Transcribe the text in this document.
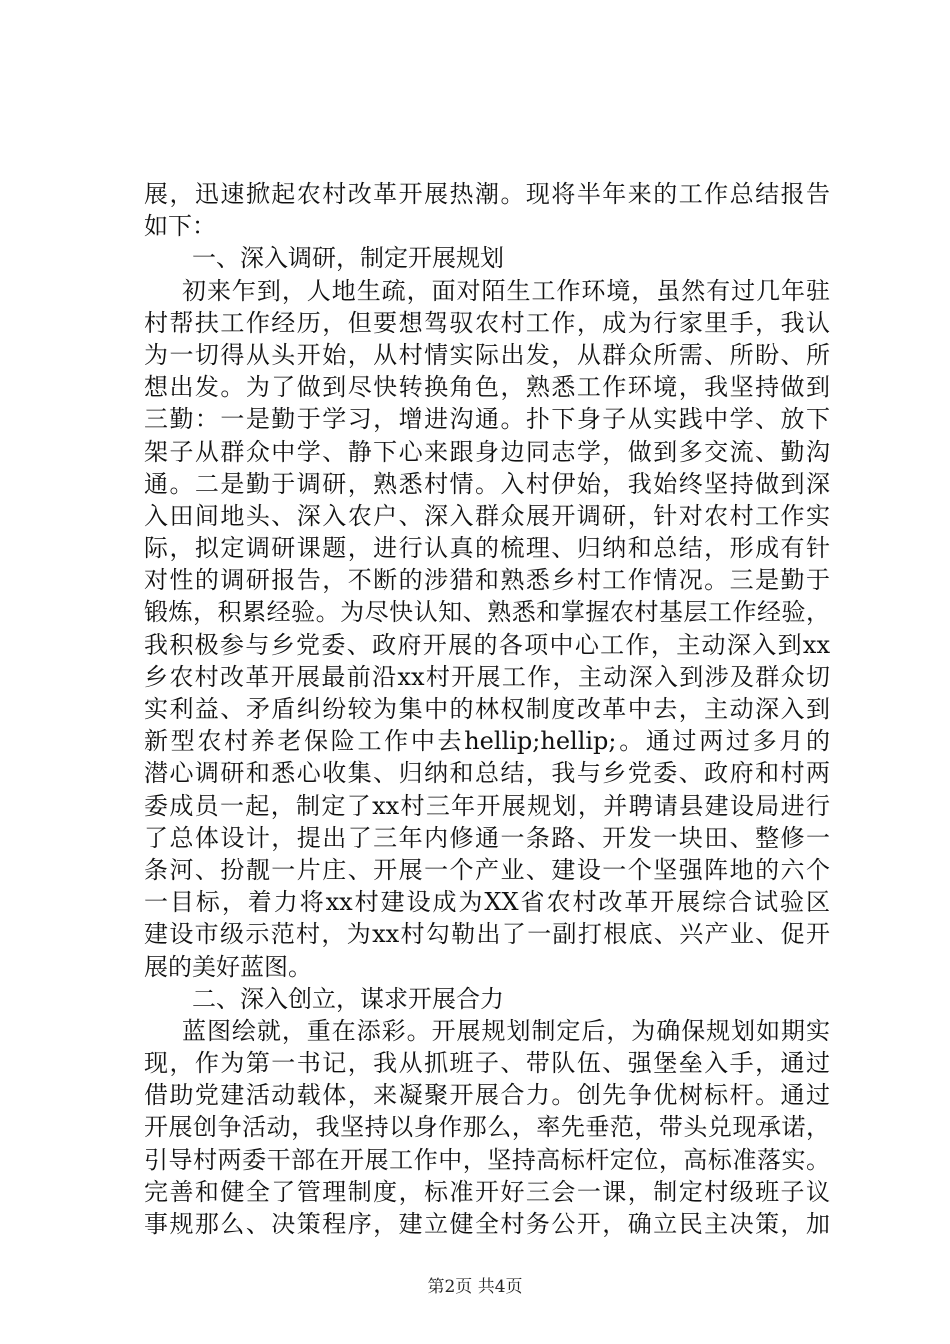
展，迅速掀起农村改革开展热潮。现将半年来的工作总结报告
如下：
一、深入调研，制定开展规划
初来乍到，人地生疏，面对陌生工作环境，虽然有过几年驻
村帮扶工作经历，但要想驾驭农村工作，成为行家里手，我认
为一切得从头开始，从村情实际出发，从群众所需、所盼、所
想出发。为了做到尽快转换角色，熟悉工作环境，我坚持做到
三勤：一是勤于学习，增进沟通。扑下身子从实践中学、放下
架子从群众中学、静下心来跟身边同志学，做到多交流、勤沟
通。二是勤于调研，熟悉村情。入村伊始，我始终坚持做到深
入田间地头、深入农户、深入群众展开调研，针对农村工作实
际，拟定调研课题，进行认真的梳理、归纳和总结，形成有针
对性的调研报告，不断的涉猎和熟悉乡村工作情况。三是勤于
锻炼，积累经验。为尽快认知、熟悉和掌握农村基层工作经验，
我积极参与乡党委、政府开展的各项中心工作，主动深入到xx
乡农村改革开展最前沿xx村开展工作，主动深入到涉及群众切
实利益、矛盾纠纷较为集中的林权制度改革中去，主动深入到
新型农村养老保险工作中去hellip;hellip;。通过两过多月的
潜心调研和悉心收集、归纳和总结，我与乡党委、政府和村两
委成员一起，制定了xx村三年开展规划，并聘请县建设局进行
了总体设计，提出了三年内修通一条路、开发一块田、整修一
条河、扮靓一片庄、开展一个产业、建设一个坚强阵地的六个
一目标，着力将xx村建设成为XX省农村改革开展综合试验区
建设市级示范村，为xx村勾勒出了一副打根底、兴产业、促开
展的美好蓝图。
二、深入创立，谋求开展合力
蓝图绘就，重在添彩。开展规划制定后，为确保规划如期实
现，作为第一书记，我从抓班子、带队伍、强堡垒入手，通过
借助党建活动载体，来凝聚开展合力。创先争优树标杆。通过
开展创争活动，我坚持以身作那么，率先垂范，带头兑现承诺，
引导村两委干部在开展工作中，坚持高标杆定位，高标准落实。
完善和健全了管理制度，标准开好三会一课，制定村级班子议
事规那么、决策程序，建立健全村务公开，确立民主决策，加
第2页 共4页
